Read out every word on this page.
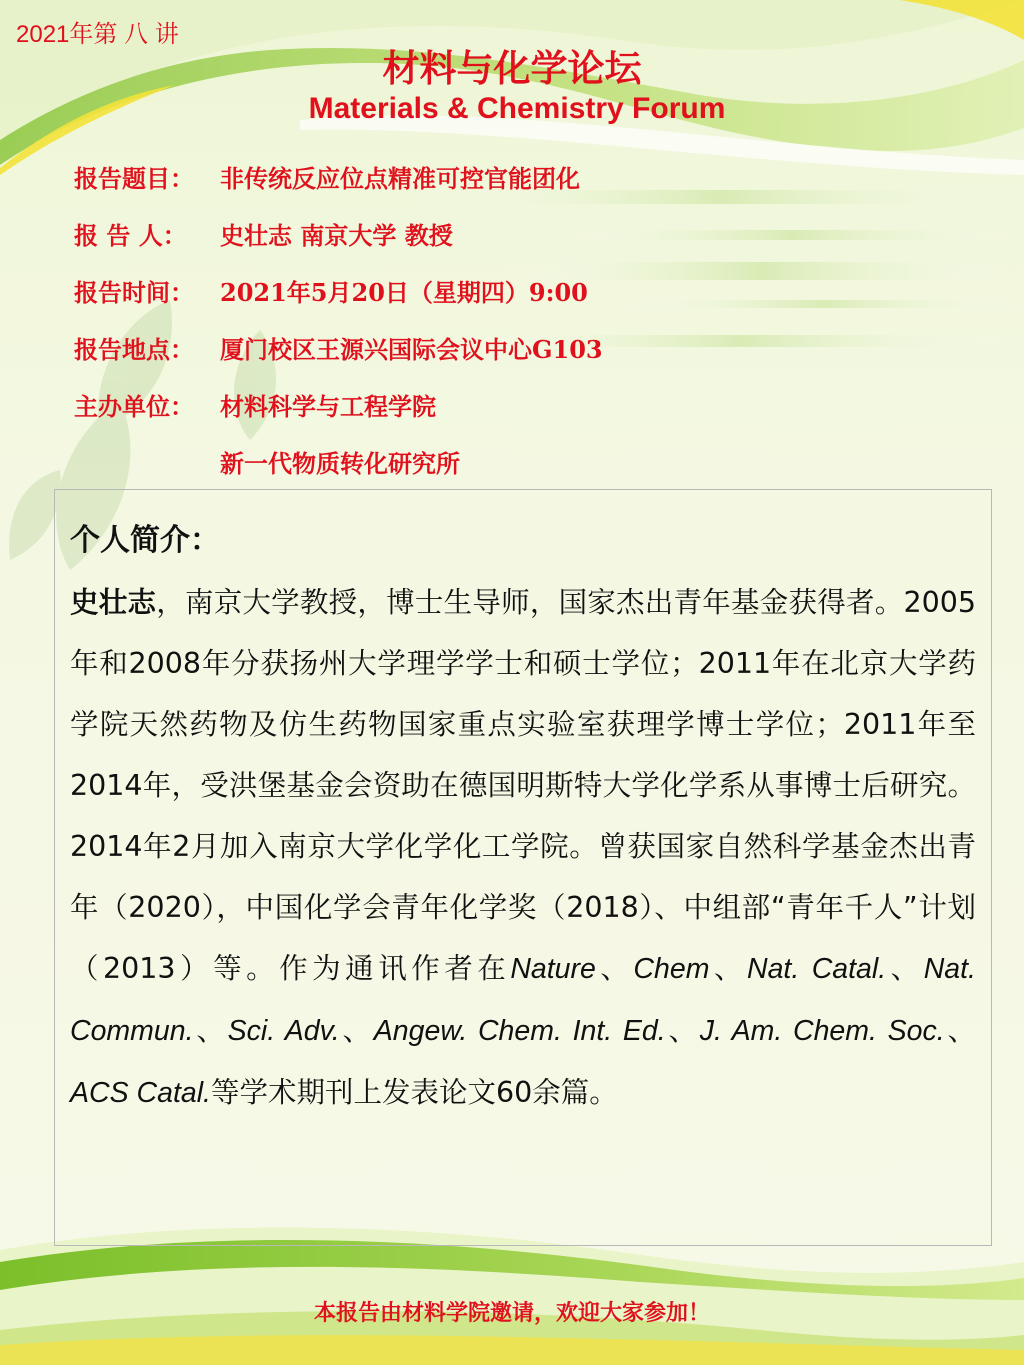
2021年第 八 讲
材料与化学论坛
Materials & Chemistry Forum
报告题目： 非传统反应位点精准可控官能团化
报 告 人： 史壮志 南京大学 教授
报告时间： 2021年5月20日（星期四）9:00
报告地点： 厦门校区王源兴国际会议中心G103
主办单位： 材料科学与工程学院
新一代物质转化研究所
个人简介：
史壮志，南京大学教授，博士生导师，国家杰出青年基金获得者。2005年和2008年分获扬州大学理学学士和硕士学位；2011年在北京大学药学院天然药物及仿生药物国家重点实验室获理学博士学位；2011年至2014年，受洪堡基金会资助在德国明斯特大学化学系从事博士后研究。2014年2月加入南京大学化学化工学院。曾获国家自然科学基金杰出青年（2020），中国化学会青年化学奖（2018）、中组部“青年千人”计划（2013）等。作为通讯作者在Nature、Chem、Nat. Catal.、Nat. Commun.、Sci. Adv.、Angew. Chem. Int. Ed.、J. Am. Chem. Soc.、ACS Catal.等学术期刊上发表论文60余篇。
本报告由材料学院邀请，欢迎大家参加！
